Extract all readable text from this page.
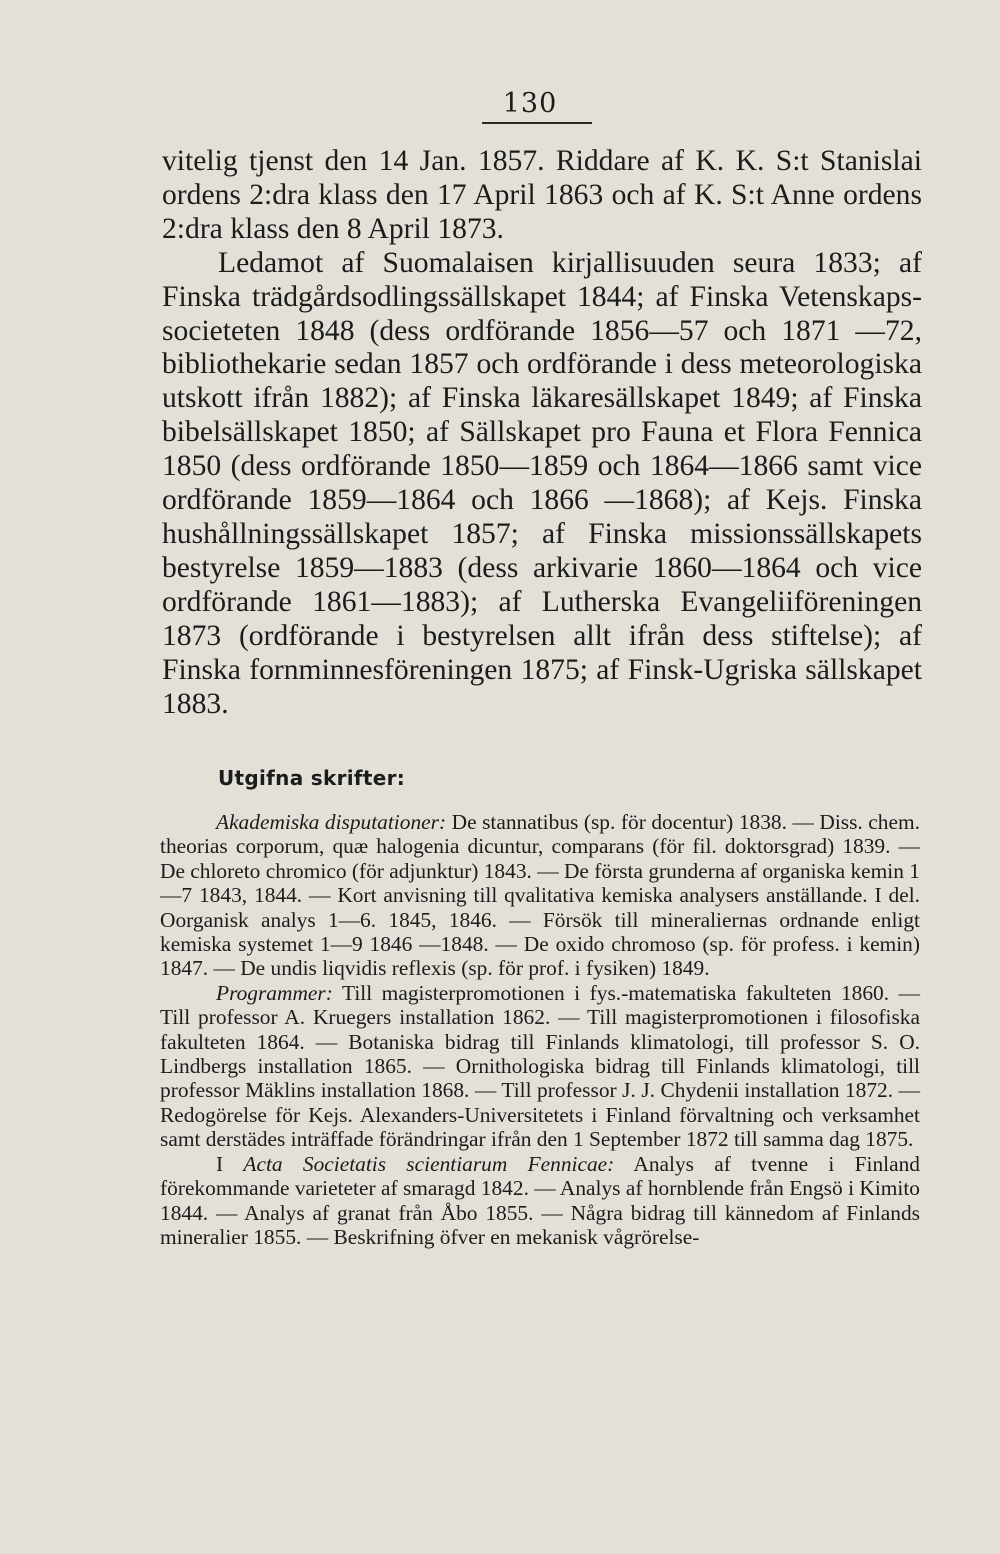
130

vitelig tjenst den 14 Jan. 1857. Riddare af K. K. S:t Stanislai ordens 2:dra klass den 17 April 1863 och af K. S:t Anne ordens 2:dra klass den 8 April 1873.

Ledamot af Suomalaisen kirjallisuuden seura 1833; af Finska trädgårdsodlingssällskapet 1844; af Finska Vetenskaps-societeten 1848 (dess ordförande 1856—57 och 1871 —72, bibliothekarie sedan 1857 och ordförande i dess meteorologiska utskott ifrån 1882); af Finska läkaresällskapet 1849; af Finska bibelsällskapet 1850; af Sällskapet pro Fauna et Flora Fennica 1850 (dess ordförande 1850—1859 och 1864—1866 samt vice ordförande 1859—1864 och 1866 —1868); af Kejs. Finska hushållningssällskapet 1857; af Finska missionssällskapets bestyrelse 1859—1883 (dess arkivarie 1860—1864 och vice ordförande 1861—1883); af Lutherska Evangeliiföreningen 1873 (ordförande i bestyrelsen allt ifrån dess stiftelse); af Finska fornminnesföreningen 1875; af Finsk-Ugriska sällskapet 1883.

Utgifna skrifter:

Akademiska disputationer: De stannatibus (sp. för docentur) 1838. — Diss. chem. theorias corporum, quæ halogenia dicuntur, comparans (för fil. doktorsgrad) 1839. — De chloreto chromico (för adjunktur) 1843. — De första grunderna af organiska kemin 1—7 1843, 1844. — Kort anvisning till qvalitativa kemiska analysers anställande. I del. Oorganisk analys 1—6. 1845, 1846. — Försök till mineraliernas ordnande enligt kemiska systemet 1—9 1846 —1848. — De oxido chromoso (sp. för profess. i kemin) 1847. — De undis liqvidis reflexis (sp. för prof. i fysiken) 1849.

Programmer: Till magisterpromotionen i fys.-matematiska fakulteten 1860. — Till professor A. Kruegers installation 1862. — Till magisterpromotionen i filosofiska fakulteten 1864. — Botaniska bidrag till Finlands klimatologi, till professor S. O. Lindbergs installation 1865. — Ornithologiska bidrag till Finlands klimatologi, till professor Mäklins installation 1868. — Till professor J. J. Chydenii installation 1872. — Redogörelse för Kejs. Alexanders-Universitetets i Finland förvaltning och verksamhet samt derstädes inträffade förändringar ifrån den 1 September 1872 till samma dag 1875.

I Acta Societatis scientiarum Fennicae: Analys af tvenne i Finland förekommande varieteter af smaragd 1842. — Analys af hornblende från Engsö i Kimito 1844. — Analys af granat från Åbo 1855. — Några bidrag till kännedom af Finlands mineralier 1855. — Beskrifning öfver en mekanisk vågrörelse-
